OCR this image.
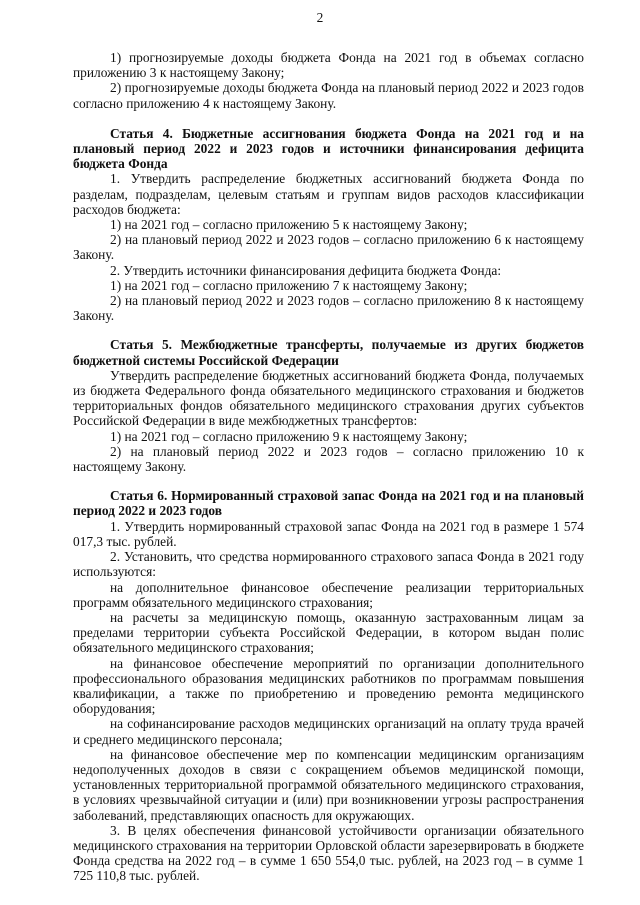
2

1) прогнозируемые доходы бюджета Фонда на 2021 год в объемах согласно приложению 3 к настоящему Закону;

2) прогнозируемые доходы бюджета Фонда на плановый период 2022 и 2023 годов согласно приложению 4 к настоящему Закону.

Статья 4. Бюджетные ассигнования бюджета Фонда на 2021 год и на плановый период 2022 и 2023 годов и источники финансирования дефицита бюджета Фонда

1. Утвердить распределение бюджетных ассигнований бюджета Фонда по разделам, подразделам, целевым статьям и группам видов расходов классификации расходов бюджета:

1) на 2021 год – согласно приложению 5 к настоящему Закону;

2) на плановый период 2022 и 2023 годов – согласно приложению 6 к настоящему Закону.

2. Утвердить источники финансирования дефицита бюджета Фонда:

1) на 2021 год – согласно приложению 7 к настоящему Закону;

2) на плановый период 2022 и 2023 годов – согласно приложению 8 к настоящему Закону.

Статья 5. Межбюджетные трансферты, получаемые из других бюджетов бюджетной системы Российской Федерации

Утвердить распределение бюджетных ассигнований бюджета Фонда, получаемых из бюджета Федерального фонда обязательного медицинского страхования и бюджетов территориальных фондов обязательного медицинского страхования других субъектов Российской Федерации в виде межбюджетных трансфертов:

1) на 2021 год – согласно приложению 9 к настоящему Закону;

2) на плановый период 2022 и 2023 годов – согласно приложению 10 к настоящему Закону.

Статья 6. Нормированный страховой запас Фонда на 2021 год и на плановый период 2022 и 2023 годов

1. Утвердить нормированный страховой запас Фонда на 2021 год в размере 1 574 017,3 тыс. рублей.

2. Установить, что средства нормированного страхового запаса Фонда в 2021 году используются:

на дополнительное финансовое обеспечение реализации территориальных программ обязательного медицинского страхования;

на расчеты за медицинскую помощь, оказанную застрахованным лицам за пределами территории субъекта Российской Федерации, в котором выдан полис обязательного медицинского страхования;

на финансовое обеспечение мероприятий по организации дополнительного профессионального образования медицинских работников по программам повышения квалификации, а также по приобретению и проведению ремонта медицинского оборудования;

на софинансирование расходов медицинских организаций на оплату труда врачей и среднего медицинского персонала;

на финансовое обеспечение мер по компенсации медицинским организациям недополученных доходов в связи с сокращением объемов медицинской помощи, установленных территориальной программой обязательного медицинского страхования, в условиях чрезвычайной ситуации и (или) при возникновении угрозы распространения заболеваний, представляющих опасность для окружающих.

3. В целях обеспечения финансовой устойчивости организации обязательного медицинского страхования на территории Орловской области зарезервировать в бюджете Фонда средства на 2022 год – в сумме 1 650 554,0 тыс. рублей, на 2023 год – в сумме 1 725 110,8 тыс. рублей.
